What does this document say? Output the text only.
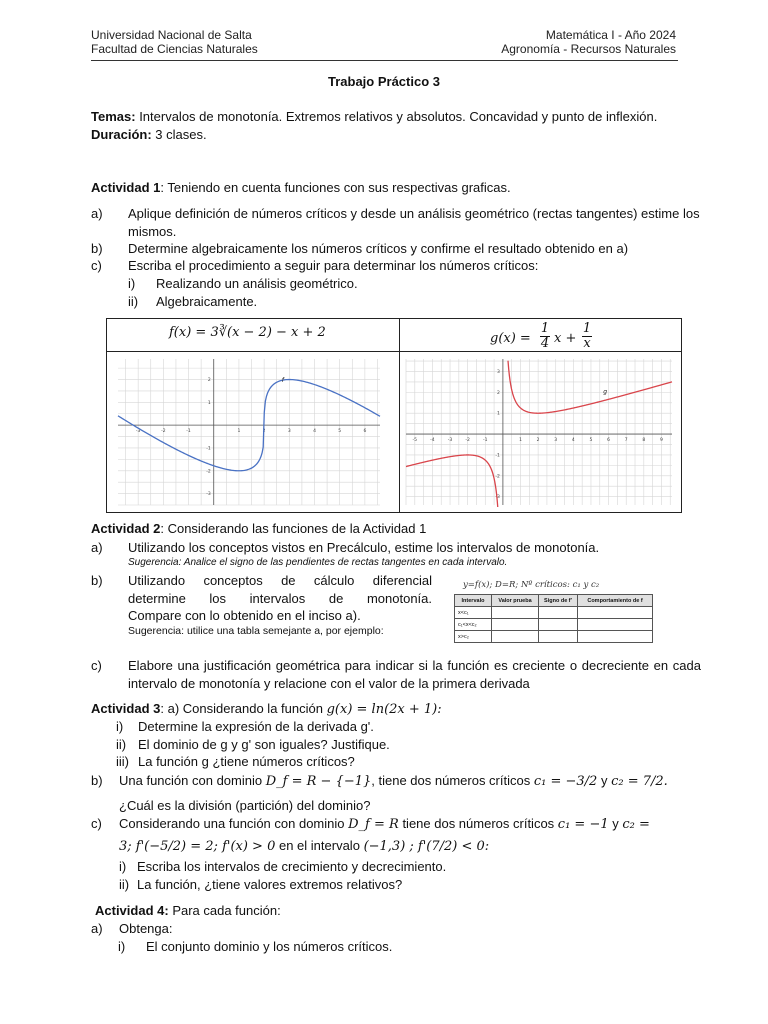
Universidad Nacional de Salta
Facultad de Ciencias Naturales
Matemática I - Año 2024
Agronomía - Recursos Naturales
Trabajo Práctico 3
Temas: Intervalos de monotonía. Extremos relativos y absolutos. Concavidad y punto de inflexión.
Duración: 3 clases.
Actividad 1: Teniendo en cuenta funciones con sus respectivas graficas.
a) Aplique definición de números críticos y desde un análisis geométrico (rectas tangentes) estime los mismos.
b) Determine algebraicamente los números críticos y confirme el resultado obtenido en a)
c) Escriba el procedimiento a seguir para determinar los números críticos:
i) Realizando un análisis geométrico.
ii) Algebraicamente.
f(x) = 3∛(x − 2) − x + 2	g(x) =
1
4 x +
1
x
-3	-2	-1	1	2	3	4	5	6
2
1
-1
-2
-3
f
-5	-4	-3	-2	-1	1	2	3	4	5	6	7	8	9
3
2
1
-1
-2
-3
g
Actividad 2: Considerando las funciones de la Actividad 1
a) Utilizando los conceptos vistos en Precálculo, estime los intervalos de monotonía.
Sugerencia: Analice el signo de las pendientes de rectas tangentes en cada intervalo.
b) Utilizando conceptos de cálculo diferencial
determine los intervalos de monotonía.
Compare con lo obtenido en el inciso a).
Sugerencia: utilice una tabla semejante a, por ejemplo:
y=f(x); D=R; Nº críticos: c₁ y c₂
Intervalo	Valor prueba	Signo de f'	Comportamiento de f
x<c₁			
c₁<x<c₂			
x>c₂			
c) Elabore una justificación geométrica para indicar si la función es creciente o decreciente en cada intervalo de monotonía y relacione con el valor de la primera derivada
Actividad 3: a) Considerando la función g(x) = ln(2x + 1):
i) Determine la expresión de la derivada g'.
ii) El dominio de g y g' son iguales? Justifique.
iii) La función g ¿tiene números críticos?
b) Una función con dominio D_f = R − {−1}, tiene dos números críticos c₁ = −3/2 y c₂ = 7/2.
¿Cuál es la división (partición) del dominio?
c) Considerando una función con dominio D_f = R tiene dos números críticos c₁ = −1 y c₂ =
3; f'(−5/2) = 2; f'(x) > 0 en el intervalo (−1,3) ; f'(7/2) < 0:
i) Escriba los intervalos de crecimiento y decrecimiento.
ii) La función, ¿tiene valores extremos relativos?
Actividad 4: Para cada función:
a) Obtenga:
i) El conjunto dominio y los números críticos.
